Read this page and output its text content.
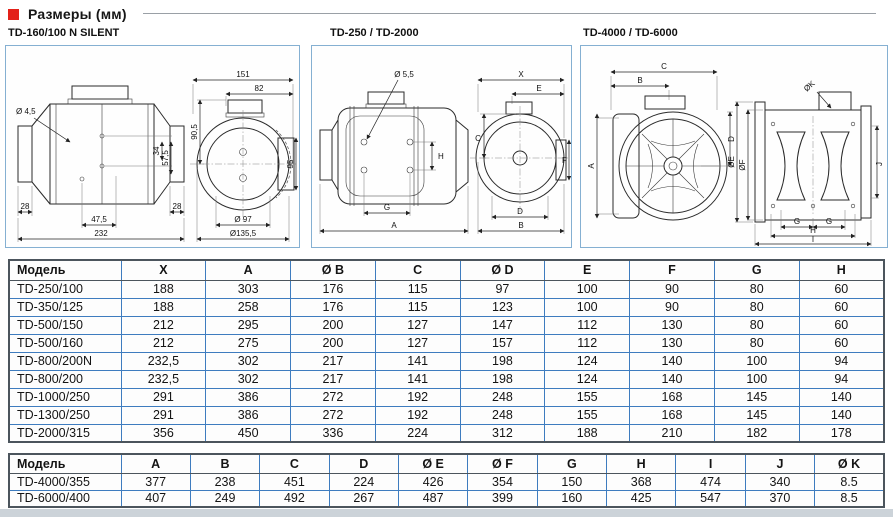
Размеры (мм)
TD-160/100 N SILENT	TD-250 / TD-2000	TD-4000 / TD-6000
Ø 4,5
28	28
47,5
232
34 57,5
151
82
90,5
95
Ø 97
Ø135,5
Ø 5,5
H
G
A
X
E
C
F
D
B
C
B
A
D
ØK
ØE ØF	J
G	G
H
I
Модель	X	A	Ø B	C	Ø D	E	F	G	H
TD-250/100	188	303	176	115	97	100	90	80	60
TD-350/125	188	258	176	115	123	100	90	80	60
TD-500/150	212	295	200	127	147	112	130	80	60
TD-500/160	212	275	200	127	157	112	130	80	60
TD-800/200N	232,5	302	217	141	198	124	140	100	94
TD-800/200	232,5	302	217	141	198	124	140	100	94
TD-1000/250	291	386	272	192	248	155	168	145	140
TD-1300/250	291	386	272	192	248	155	168	145	140
TD-2000/315	356	450	336	224	312	188	210	182	178
Модель	A	B	C	D	Ø E	Ø F	G	H	I	J	Ø K
TD-4000/355	377	238	451	224	426	354	150	368	474	340	8.5
TD-6000/400	407	249	492	267	487	399	160	425	547	370	8.5
